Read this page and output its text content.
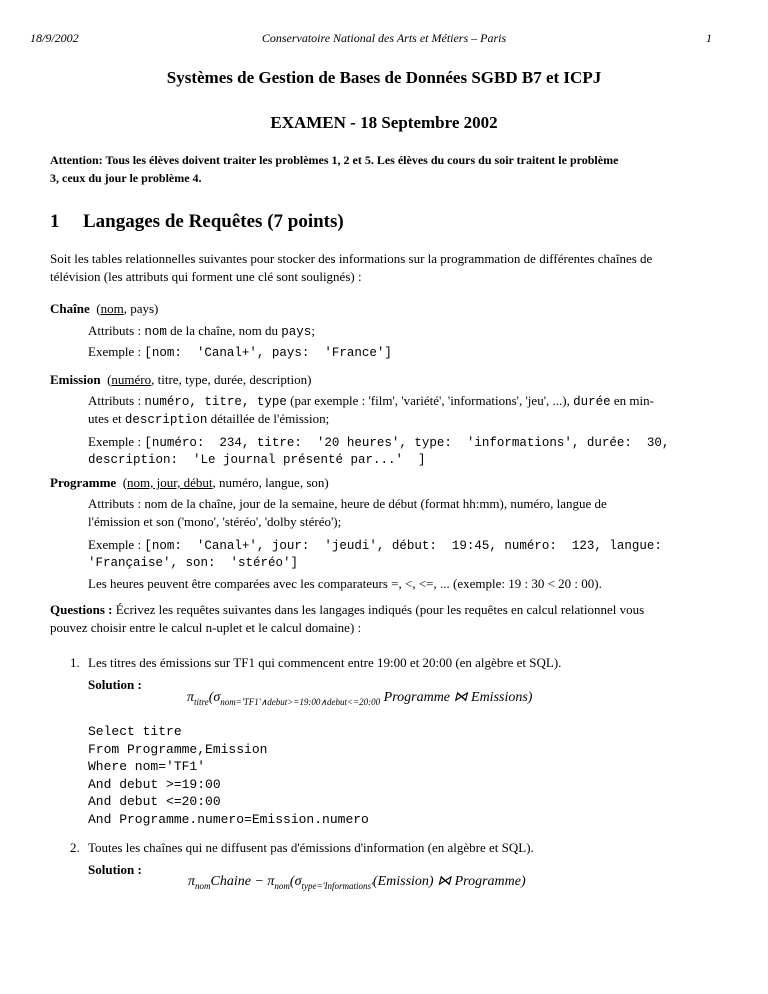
18/9/2002	Conservatoire National des Arts et Métiers – Paris	1
Systèmes de Gestion de Bases de Données SGBD B7 et ICPJ
EXAMEN - 18 Septembre 2002
Attention: Tous les élèves doivent traiter les problèmes 1, 2 et 5. Les élèves du cours du soir traitent le problème
3, ceux du jour le problème 4.
1 Langages de Requêtes (7 points)
Soit les tables relationnelles suivantes pour stocker des informations sur la programmation de différentes chaînes de
télévision (les attributs qui forment une clé sont soulignés) :
Chaîne  (nom, pays)
Attributs : nom de la chaîne, nom du pays;
Exemple : [nom:  'Canal+', pays:  'France']
Emission  (numéro, titre, type, durée, description)
Attributs : numéro, titre, type (par exemple : 'film', 'variété', 'informations', 'jeu', ...), durée en min-
utes et description détaillée de l'émission;
Exemple : [numéro:  234, titre:  '20 heures', type:  'informations', durée:  30,
description:  'Le journal présenté par...'  ]
Programme  (nom, jour, début, numéro, langue, son)
Attributs : nom de la chaîne, jour de la semaine, heure de début (format hh:mm), numéro, langue de
l'émission et son ('mono', 'stéréo', 'dolby stéréo');
Exemple : [nom:  'Canal+', jour:  'jeudi', début:  19:45, numéro:  123, langue:
'Française', son:  'stéréo']
Les heures peuvent être comparées avec les comparateurs =, <, <=, ... (exemple: 19 : 30 < 20 : 00).
Questions : Écrivez les requêtes suivantes dans les langages indiqués (pour les requêtes en calcul relationnel vous
pouvez choisir entre le calcul n-uplet et le calcul domaine) :
1. Les titres des émissions sur TF1 qui commencent entre 19:00 et 20:00 (en algèbre et SQL).
Solution :
$\pi_{titre}(\sigma_{nom='TF1'\wedge debut>=19:00\wedge debut<=20:00}$ Programme ⋈ Emissions)
Select titre
From Programme,Emission
Where nom='TF1'
And debut >=19:00
And debut <=20:00
And Programme.numero=Emission.numero
2. Toutes les chaînes qui ne diffusent pas d'émissions d'information (en algèbre et SQL).
Solution :
$\pi_{nom}Chaine$ − $\pi_{nom}(\sigma_{type='Informations'}(Emission)$ ⋈ Programme)
